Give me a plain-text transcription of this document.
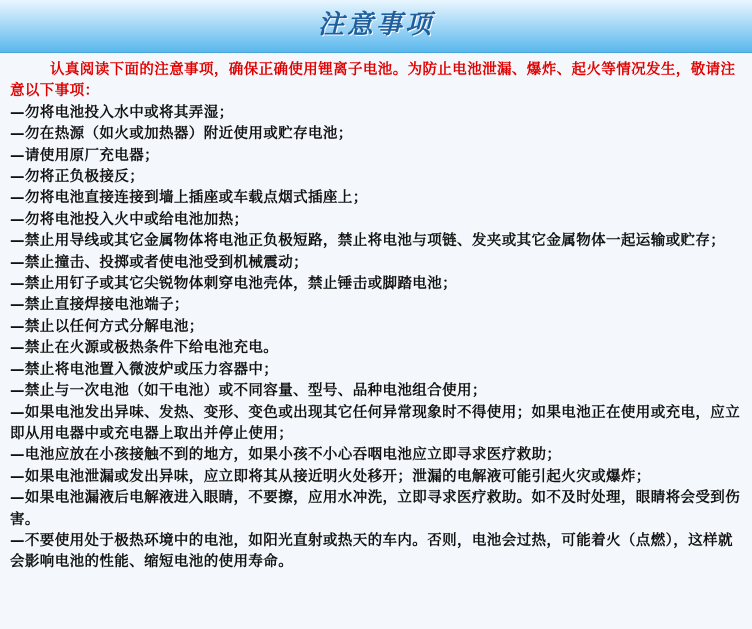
注意事项

认真阅读下面的注意事项，确保正确使用锂离子电池。为防止电池泄漏、爆炸、起火等情况发生，敬请注意以下事项：

—勿将电池投入水中或将其弄湿；

—勿在热源（如火或加热器）附近使用或贮存电池；

—请使用原厂充电器；

—勿将正负极接反；

—勿将电池直接连接到墙上插座或车载点烟式插座上；

—勿将电池投入火中或给电池加热；

—禁止用导线或其它金属物体将电池正负极短路，禁止将电池与项链、发夹或其它金属物体一起运输或贮存；

—禁止撞击、投掷或者使电池受到机械震动；

—禁止用钉子或其它尖锐物体刺穿电池壳体，禁止锤击或脚踏电池；

—禁止直接焊接电池端子；

—禁止以任何方式分解电池；

—禁止在火源或极热条件下给电池充电。

—禁止将电池置入微波炉或压力容器中；

—禁止与一次电池（如干电池）或不同容量、型号、品种电池组合使用；

—如果电池发出异味、发热、变形、变色或出现其它任何异常现象时不得使用；如果电池正在使用或充电，应立即从用电器中或充电器上取出并停止使用；

—电池应放在小孩接触不到的地方，如果小孩不小心吞咽电池应立即寻求医疗救助；

—如果电池泄漏或发出异味，应立即将其从接近明火处移开；泄漏的电解液可能引起火灾或爆炸；

—如果电池漏液后电解液进入眼睛，不要擦，应用水冲洗，立即寻求医疗救助。如不及时处理，眼睛将会受到伤害。

—不要使用处于极热环境中的电池，如阳光直射或热天的车内。否则，电池会过热，可能着火（点燃），这样就会影响电池的性能、缩短电池的使用寿命。
